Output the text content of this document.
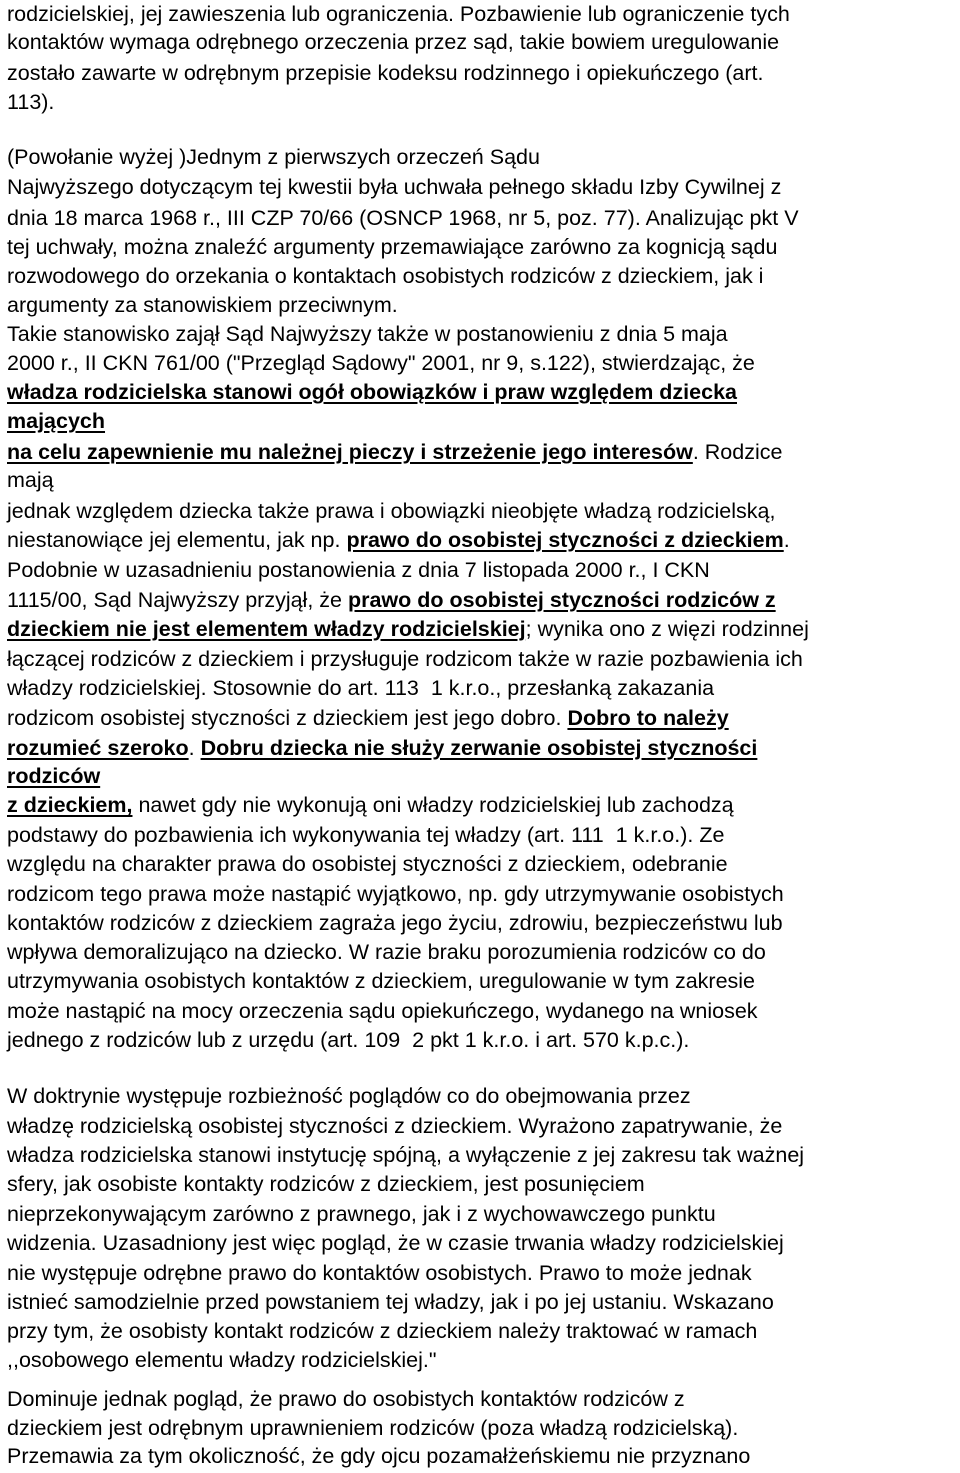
rodzicielskiej, jej zawieszenia lub ograniczenia. Pozbawienie lub ograniczenie tych

kontaktów wymaga odrębnego orzeczenia przez sąd, takie bowiem uregulowanie

zostało zawarte w odrębnym przepisie kodeksu rodzinnego i opiekuńczego (art.

113).

(Powołanie wyżej )Jednym z pierwszych orzeczeń Sądu

Najwyższego dotyczącym tej kwestii była uchwała pełnego składu Izby Cywilnej z

dnia 18 marca 1968 r., III CZP 70/66 (OSNCP 1968, nr 5, poz. 77). Analizując pkt V

tej uchwały, można znaleźć argumenty przemawiające zarówno za kognicją sądu

rozwodowego do orzekania o kontaktach osobistych rodziców z dzieckiem, jak i

argumenty za stanowiskiem przeciwnym.

Takie stanowisko zajął Sąd Najwyższy także w postanowieniu z dnia 5 maja

2000 r., II CKN 761/00 ("Przegląd Sądowy" 2001, nr 9, s.122), stwierdzając, że

władza rodzicielska stanowi ogół obowiązków i praw względem dziecka

mających

na celu zapewnienie mu należnej pieczy i strzeżenie jego interesów. Rodzice

mają

jednak względem dziecka także prawa i obowiązki nieobjęte władzą rodzicielską,

niestanowiące jej elementu, jak np. prawo do osobistej styczności z dzieckiem.

Podobnie w uzasadnieniu postanowienia z dnia 7 listopada 2000 r., I CKN

1115/00, Sąd Najwyższy przyjął, że prawo do osobistej styczności rodziców z

dzieckiem nie jest elementem władzy rodzicielskiej; wynika ono z więzi rodzinnej

łączącej rodziców z dzieckiem i przysługuje rodzicom także w razie pozbawienia ich

władzy rodzicielskiej. Stosownie do art. 113  1 k.r.o., przesłanką zakazania

rodzicom osobistej styczności z dzieckiem jest jego dobro. Dobro to należy

rozumieć szeroko. Dobru dziecka nie służy zerwanie osobistej styczności

rodziców

z dzieckiem, nawet gdy nie wykonują oni władzy rodzicielskiej lub zachodzą

podstawy do pozbawienia ich wykonywania tej władzy (art. 111  1 k.r.o.). Ze

względu na charakter prawa do osobistej styczności z dzieckiem, odebranie

rodzicom tego prawa może nastąpić wyjątkowo, np. gdy utrzymywanie osobistych

kontaktów rodziców z dzieckiem zagraża jego życiu, zdrowiu, bezpieczeństwu lub

wpływa demoralizująco na dziecko. W razie braku porozumienia rodziców co do

utrzymywania osobistych kontaktów z dzieckiem, uregulowanie w tym zakresie

może nastąpić na mocy orzeczenia sądu opiekuńczego, wydanego na wniosek

jednego z rodziców lub z urzędu (art. 109  2 pkt 1 k.r.o. i art. 570 k.p.c.).

W doktrynie występuje rozbieżność poglądów co do obejmowania przez

władzę rodzicielską osobistej styczności z dzieckiem. Wyrażono zapatrywanie, że

władza rodzicielska stanowi instytucję spójną, a wyłączenie z jej zakresu tak ważnej

sfery, jak osobiste kontakty rodziców z dzieckiem, jest posunięciem

nieprzekonywającym zarówno z prawnego, jak i z wychowawczego punktu

widzenia. Uzasadniony jest więc pogląd, że w czasie trwania władzy rodzicielskiej

nie występuje odrębne prawo do kontaktów osobistych. Prawo to może jednak

istnieć samodzielnie przed powstaniem tej władzy, jak i po jej ustaniu. Wskazano

przy tym, że osobisty kontakt rodziców z dzieckiem należy traktować w ramach

,,osobowego elementu władzy rodzicielskiej."

Dominuje jednak pogląd, że prawo do osobistych kontaktów rodziców z

dzieckiem jest odrębnym uprawnieniem rodziców (poza władzą rodzicielską).

Przemawia za tym okoliczność, że gdy ojcu pozamałżeńskiemu nie przyznano
